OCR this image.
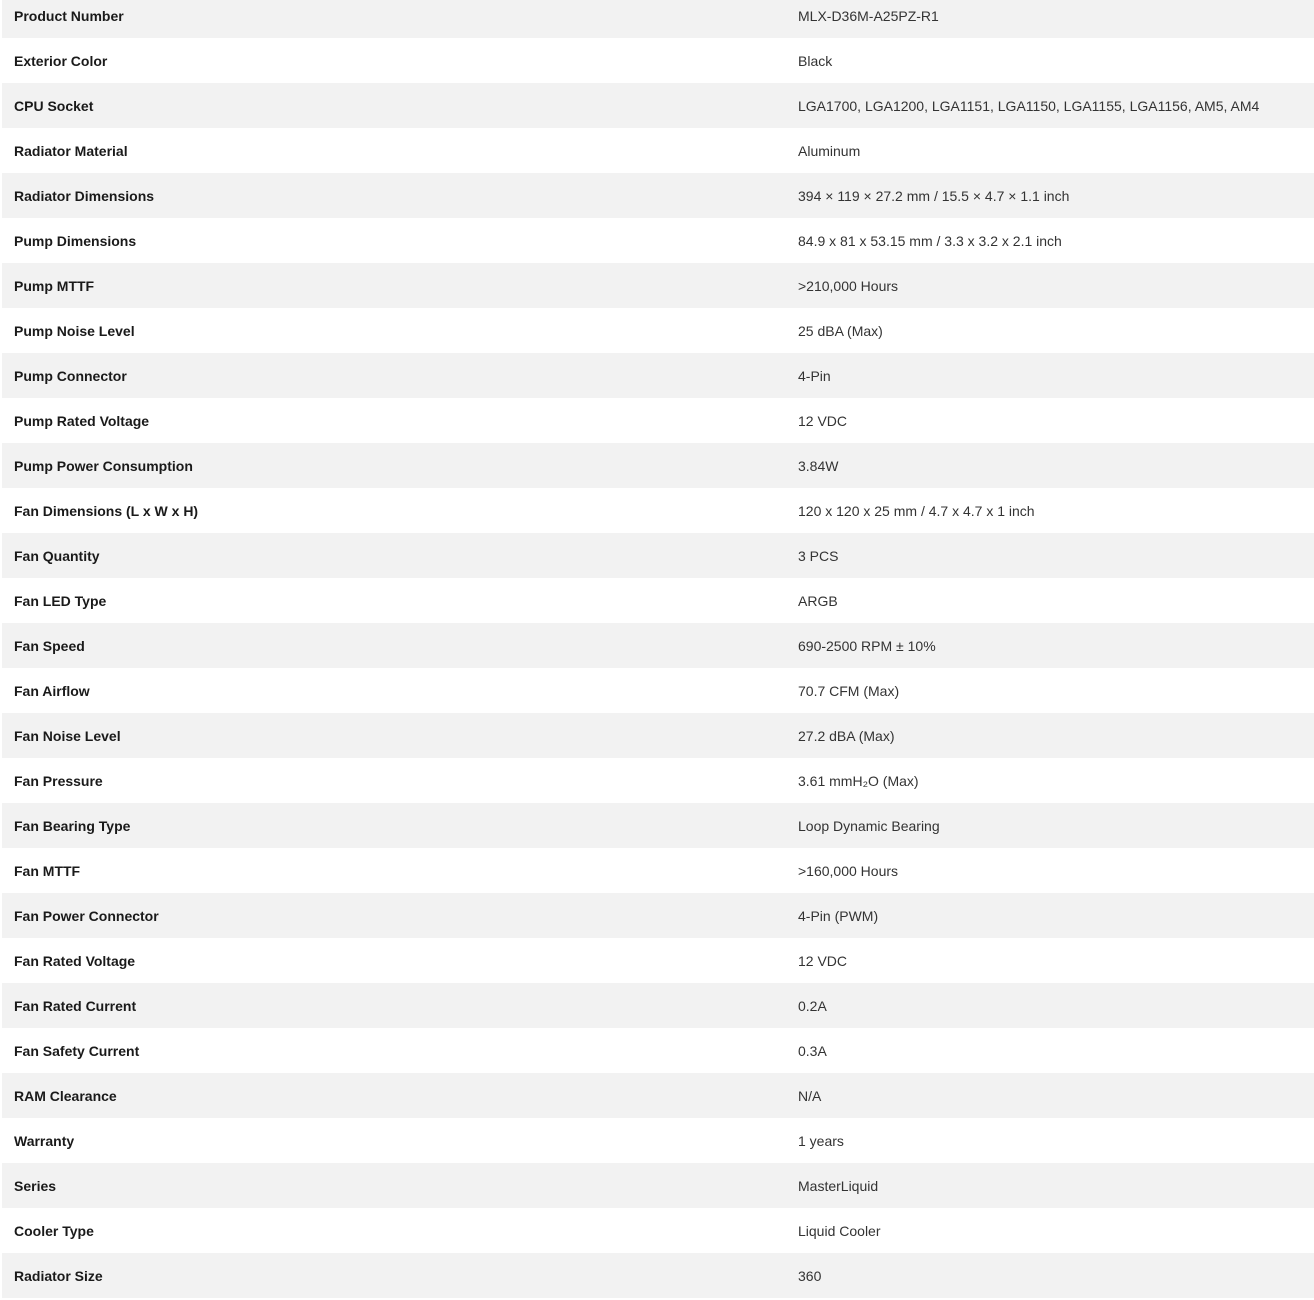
Product Number	MLX-D36M-A25PZ-R1
Exterior Color	Black
CPU Socket	LGA1700, LGA1200, LGA1151, LGA1150, LGA1155, LGA1156, AM5, AM4
Radiator Material	Aluminum
Radiator Dimensions	394 × 119 × 27.2 mm / 15.5 × 4.7 × 1.1 inch
Pump Dimensions	84.9 x 81 x 53.15 mm / 3.3 x 3.2 x 2.1 inch
Pump MTTF	>210,000 Hours
Pump Noise Level	25 dBA (Max)
Pump Connector	4-Pin
Pump Rated Voltage	12 VDC
Pump Power Consumption	3.84W
Fan Dimensions (L x W x H)	120 x 120 x 25 mm / 4.7 x 4.7 x 1 inch
Fan Quantity	3 PCS
Fan LED Type	ARGB
Fan Speed	690-2500 RPM ± 10%
Fan Airflow	70.7 CFM (Max)
Fan Noise Level	27.2 dBA (Max)
Fan Pressure	3.61 mmH₂O (Max)
Fan Bearing Type	Loop Dynamic Bearing
Fan MTTF	>160,000 Hours
Fan Power Connector	4-Pin (PWM)
Fan Rated Voltage	12 VDC
Fan Rated Current	0.2A
Fan Safety Current	0.3A
RAM Clearance	N/A
Warranty	1 years
Series	MasterLiquid
Cooler Type	Liquid Cooler
Radiator Size	360
